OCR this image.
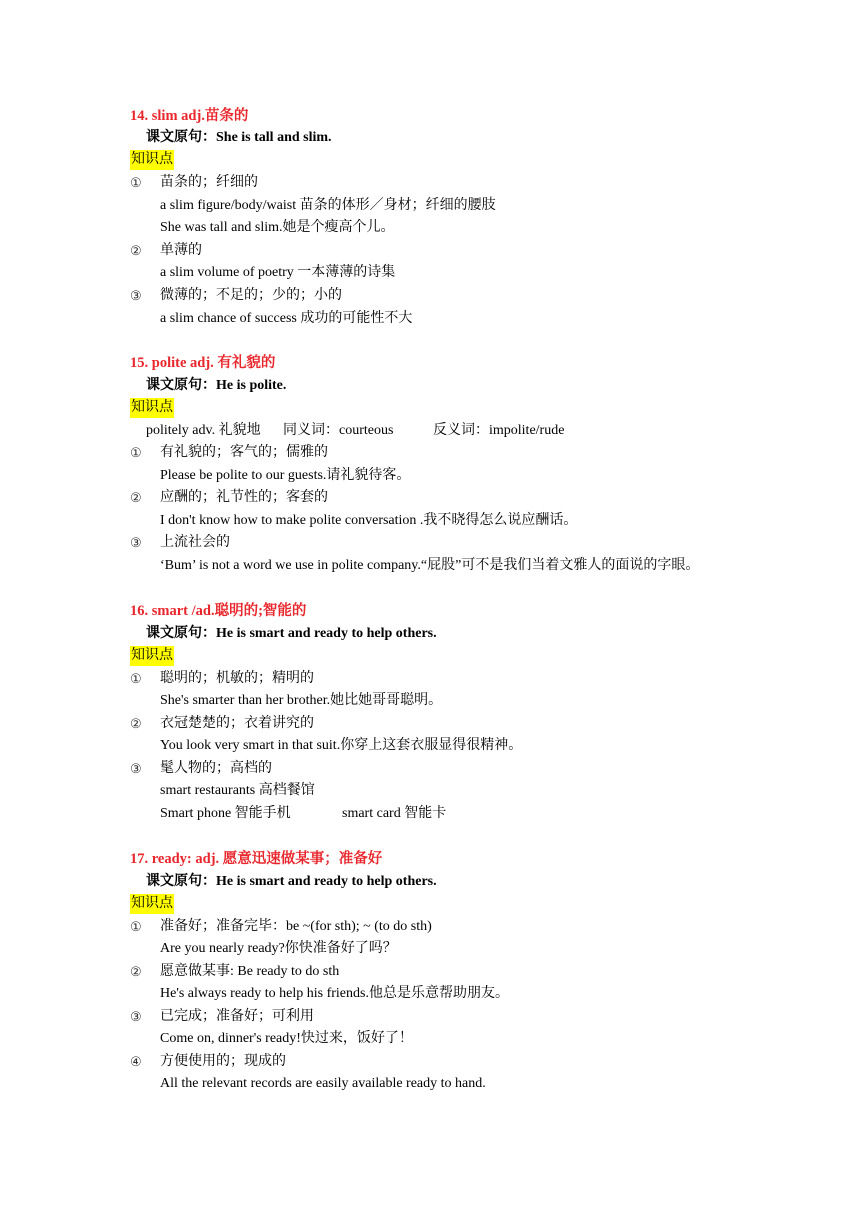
14. slim adj.苗条的
课文原句：She is tall and slim.
知识点
① 苗条的；纤细的
a slim figure/body/waist 苗条的体形／身材；纤细的腰肢
She was tall and slim.她是个瘦高个儿。
② 单薄的
a slim volume of poetry 一本薄薄的诗集
③ 微薄的；不足的；少的；小的
a slim chance of success 成功的可能性不大
15. polite adj. 有礼貌的
课文原句：He is polite.
知识点
politely adv. 礼貌地 同义词：courteous	反义词：impolite/rude
① 有礼貌的；客气的；儒雅的
Please be polite to our guests.请礼貌待客。
② 应酬的；礼节性的；客套的
I don't know how to make polite conversation .我不晓得怎么说应酬话。
③ 上流社会的
‘Bum’ is not a word we use in polite company.“屁股”可不是我们当着文雅人的面说的字眼。
16. smart /ad.聪明的;智能的
课文原句：He is smart and ready to help others.
知识点
① 聪明的；机敏的；精明的
She's smarter than her brother.她比她哥哥聪明。
② 衣冠楚楚的；衣着讲究的
You look very smart in that suit.你穿上这套衣服显得很精神。
③ 髦人物的；高档的
smart restaurants 高档餐馆
Smart phone 智能手机	smart card 智能卡
17. ready: adj. 愿意迅速做某事；准备好
课文原句：He is smart and ready to help others.
知识点
① 准备好；准备完毕：be ~(for sth); ~ (to do sth)
Are you nearly ready?你快准备好了吗？
② 愿意做某事: Be ready to do sth
He's always ready to help his friends.他总是乐意帮助朋友。
③ 已完成；准备好；可利用
Come on, dinner's ready!快过来，饭好了！
④ 方便使用的；现成的
All the relevant records are easily available ready to hand.
